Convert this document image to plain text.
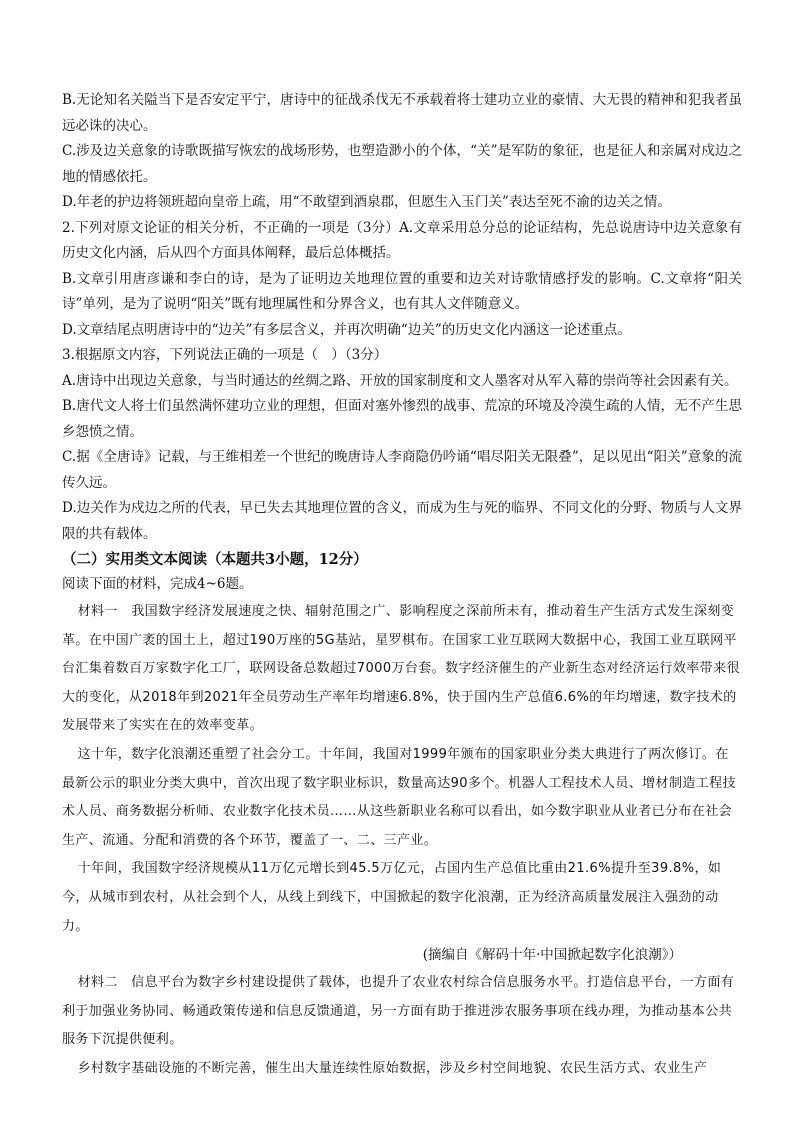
B.无论知名关隘当下是否安定平宁，唐诗中的征战杀伐无不承载着将士建功立业的豪情、大无畏的精神和犯我者虽远必诛的决心。

C.涉及边关意象的诗歌既描写恢宏的战场形势，也塑造渺小的个体，“关”是军防的象征，也是征人和亲属对戍边之地的情感依托。

D.年老的护边将领班超向皇帝上疏，用“不敢望到酒泉郡，但愿生入玉门关”表达至死不渝的边关之情。

2.下列对原文论证的相关分析，不正确的一项是（3分）A.文章采用总分总的论证结构，先总说唐诗中边关意象有历史文化内涵，后从四个方面具体阐释，最后总体概括。

B.文章引用唐彦谦和李白的诗，是为了证明边关地理位置的重要和边关对诗歌情感抒发的影响。C.文章将“阳关诗”单列，是为了说明“阳关”既有地理属性和分界含义，也有其人文伴随意义。

D.文章结尾点明唐诗中的“边关”有多层含义，并再次明确“边关”的历史文化内涵这一论述重点。

3.根据原文内容，下列说法正确的一项是（　）（3分）

A.唐诗中出现边关意象，与当时通达的丝绸之路、开放的国家制度和文人墨客对从军入幕的崇尚等社会因素有关。

B.唐代文人将士们虽然满怀建功立业的理想，但面对塞外惨烈的战事、荒凉的环境及冷漠生疏的人情，无不产生思乡怨愤之情。

C.据《全唐诗》记载，与王维相差一个世纪的晚唐诗人李商隐仍吟诵“唱尽阳关无限叠”，足以见出“阳关”意象的流传久远。

D.边关作为戍边之所的代表，早已失去其地理位置的含义，而成为生与死的临界、不同文化的分野、物质与人文界限的共有载体。

（二）实用类文本阅读（本题共3小题，12分）

阅读下面的材料，完成4~6题。

材料一　我国数字经济发展速度之快、辐射范围之广、影响程度之深前所未有，推动着生产生活方式发生深刻变革。在中国广袤的国土上，超过190万座的5G基站，星罗棋布。在国家工业互联网大数据中心，我国工业互联网平台汇集着数百万家数字化工厂，联网设备总数超过7000万台套。数字经济催生的产业新生态对经济运行效率带来很大的变化，从2018年到2021年全员劳动生产率年均增速6.8%，快于国内生产总值6.6%的年均增速，数字技术的发展带来了实实在在的效率变革。

这十年，数字化浪潮还重塑了社会分工。十年间，我国对1999年颁布的国家职业分类大典进行了两次修订。在最新公示的职业分类大典中，首次出现了数字职业标识，数量高达90多个。机器人工程技术人员、增材制造工程技术人员、商务数据分析师、农业数字化技术员……从这些新职业名称可以看出，如今数字职业从业者已分布在社会生产、流通、分配和消费的各个环节，覆盖了一、二、三产业。

十年间，我国数字经济规模从11万亿元增长到45.5万亿元，占国内生产总值比重由21.6%提升至39.8%，如今，从城市到农村，从社会到个人，从线上到线下，中国掀起的数字化浪潮，正为经济高质量发展注入强劲的动力。

(摘编自《解码十年·中国掀起数字化浪潮》）

材料二　信息平台为数字乡村建设提供了载体，也提升了农业农村综合信息服务水平。打造信息平台，一方面有利于加强业务协同、畅通政策传递和信息反馈通道，另一方面有助于推进涉农服务事项在线办理，为推动基本公共服务下沉提供便利。

乡村数字基础设施的不断完善，催生出大量连续性原始数据，涉及乡村空间地貌、农民生活方式、农业生产
